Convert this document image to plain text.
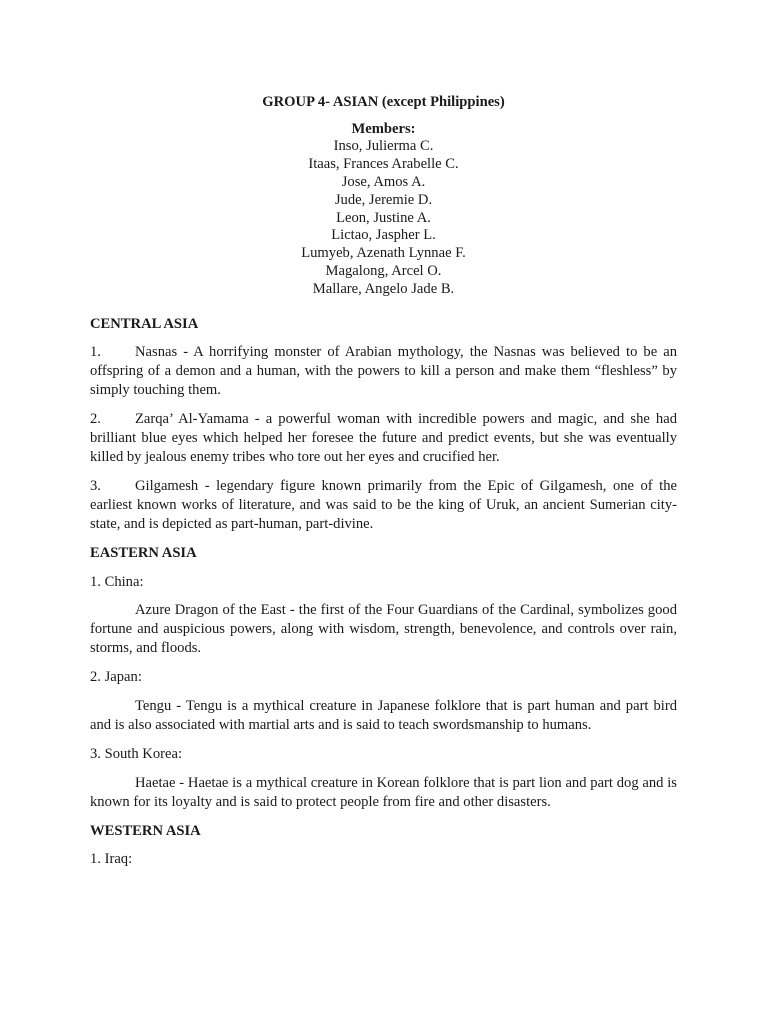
GROUP 4- ASIAN (except Philippines)
Members:
Inso, Julierma C.
Itaas, Frances Arabelle C.
Jose, Amos A.
Jude, Jeremie D.
Leon, Justine A.
Lictao, Jaspher L.
Lumyeb, Azenath Lynnae F.
Magalong, Arcel O.
Mallare, Angelo Jade B.
CENTRAL ASIA

1. Nasnas - A horrifying monster of Arabian mythology, the Nasnas was believed to be an offspring of a demon and a human, with the powers to kill a person and make them “fleshless” by simply touching them.

2. Zarqa’ Al-Yamama - a powerful woman with incredible powers and magic, and she had brilliant blue eyes which helped her foresee the future and predict events, but she was eventually killed by jealous enemy tribes who tore out her eyes and crucified her.

3. Gilgamesh - legendary figure known primarily from the Epic of Gilgamesh, one of the earliest known works of literature, and was said to be the king of Uruk, an ancient Sumerian city-state, and is depicted as part-human, part-divine.

EASTERN ASIA
1. China:

Azure Dragon of the East - the first of the Four Guardians of the Cardinal, symbolizes good fortune and auspicious powers, along with wisdom, strength, benevolence, and controls over rain, storms, and floods.

2. Japan:

Tengu - Tengu is a mythical creature in Japanese folklore that is part human and part bird and is also associated with martial arts and is said to teach swordsmanship to humans.

3. South Korea:

Haetae - Haetae is a mythical creature in Korean folklore that is part lion and part dog and is known for its loyalty and is said to protect people from fire and other disasters.

WESTERN ASIA
1. Iraq:
